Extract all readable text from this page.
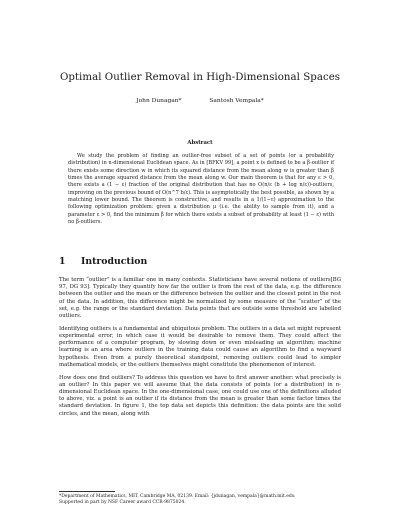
Optimal Outlier Removal in High-Dimensional Spaces
John Dunagan*	Santosh Vempala*
Abstract
We study the problem of finding an outlier-free subset of a set of points (or a probability distribution) in n-dimensional Euclidean space. As in [BFKV 99], a point x is defined to be a β-outlier if there exists some direction w in which its squared distance from the mean along w is greater than β times the average squared distance from the mean along w. Our main theorem is that for any ε > 0, there exists a (1 − ε) fraction of the original distribution that has no O(n/ε (b + log n/ε))-outliers, improving on the previous bound of O(n^7 b/ε). This is asymptotically the best possible, as shown by a matching lower bound. The theorem is constructive, and results in a 1/(1−ε) approximation to the following optimization problem: given a distribution μ (i.e. the ability to sample from it), and a parameter ε > 0, find the minimum β for which there exists a subset of probability at least (1 − ε) with no β-outliers.
1 Introduction

The term “outlier” is a familiar one in many contexts. Statisticians have several notions of outliers[BG 97, DG 93]. Typically they quantify how far the outlier is from the rest of the data, e.g. the difference between the outlier and the mean or the difference between the outlier and the closest point in the rest of the data. In addition, this difference might be normalized by some measure of the “scatter” of the set, e.g. the range or the standard deviation. Data points that are outside some threshold are labelled outliers.

Identifying outliers is a fundamental and ubiquitous problem. The outliers in a data set might represent experimental error, in which case it would be desirable to remove them. They could affect the performance of a computer program, by slowing down or even misleading an algorithm; machine learning is an area where outliers in the training data could cause an algorithm to find a wayward hypothesis. Even from a purely theoretical standpoint, removing outliers could lead to simpler mathematical models, or the outliers themselves might constitute the phenomenon of interest.

How does one find outliers? To address this question we have to first answer another: what precisely is an outlier? In this paper we will assume that the data consists of points (or a distribution) in n-dimensional Euclidean space. In the one-dimensional case, one could use one of the definitions alluded to above, viz. a point is an outlier if its distance from the mean is greater than some factor times the standard deviation. In figure 1, the top data set depicts this definition: the data points are the solid circles, and the mean, along with

*Department of Mathematics, MIT, Cambridge MA, 02139. Email: {jdunagan, vempala}@math.mit.edu
Supported in part by NSF Career award CCR-9875024.
